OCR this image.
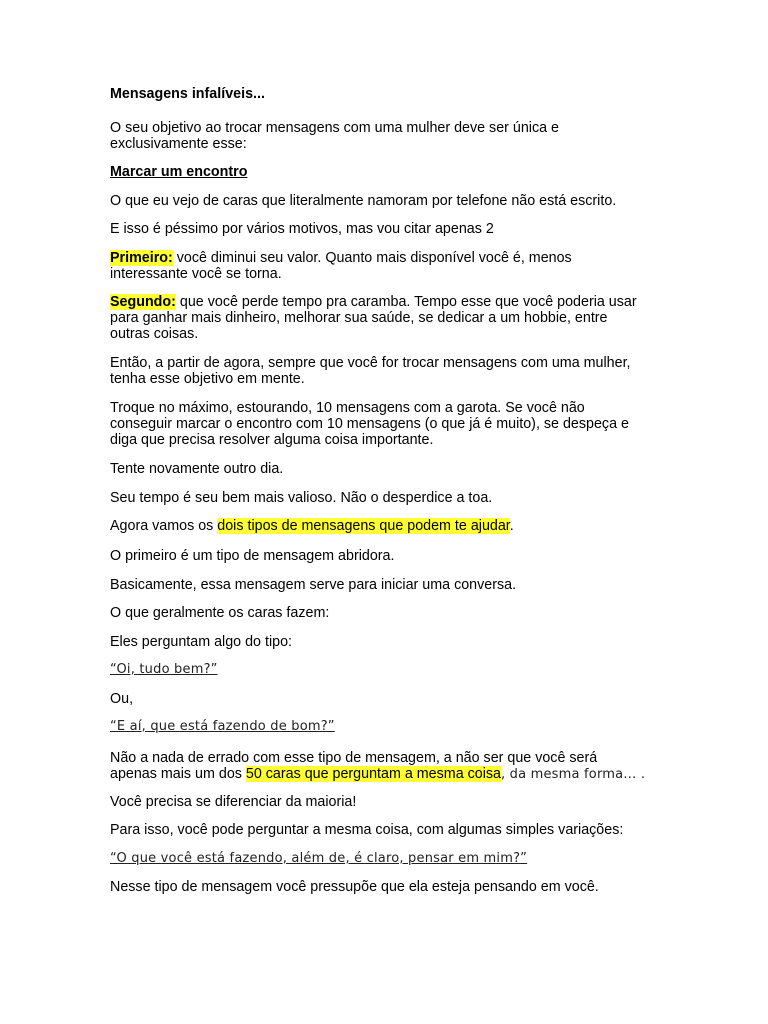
Mensagens infalíveis...

O seu objetivo ao trocar mensagens com uma mulher deve ser única e
exclusivamente esse:

Marcar um encontro

O que eu vejo de caras que literalmente namoram por telefone não está escrito.

E isso é péssimo por vários motivos, mas vou citar apenas 2

Primeiro: você diminui seu valor. Quanto mais disponível você é, menos
interessante você se torna.

Segundo: que você perde tempo pra caramba. Tempo esse que você poderia usar
para ganhar mais dinheiro, melhorar sua saúde, se dedicar a um hobbie, entre
outras coisas.

Então, a partir de agora, sempre que você for trocar mensagens com uma mulher,
tenha esse objetivo em mente.

Troque no máximo, estourando, 10 mensagens com a garota. Se você não
conseguir marcar o encontro com 10 mensagens (o que já é muito), se despeça e
diga que precisa resolver alguma coisa importante.

Tente novamente outro dia.

Seu tempo é seu bem mais valioso. Não o desperdice a toa.

Agora vamos os dois tipos de mensagens que podem te ajudar.

O primeiro é um tipo de mensagem abridora.

Basicamente, essa mensagem serve para iniciar uma conversa.

O que geralmente os caras fazem:

Eles perguntam algo do tipo:

“Oi, tudo bem?”

Ou,

“E aí, que está fazendo de bom?”

Não a nada de errado com esse tipo de mensagem, a não ser que você será
apenas mais um dos 50 caras que perguntam a mesma coisa, da mesma forma… .

Você precisa se diferenciar da maioria!

Para isso, você pode perguntar a mesma coisa, com algumas simples variações:

“O que você está fazendo, além de, é claro, pensar em mim?”

Nesse tipo de mensagem você pressupõe que ela esteja pensando em você.
